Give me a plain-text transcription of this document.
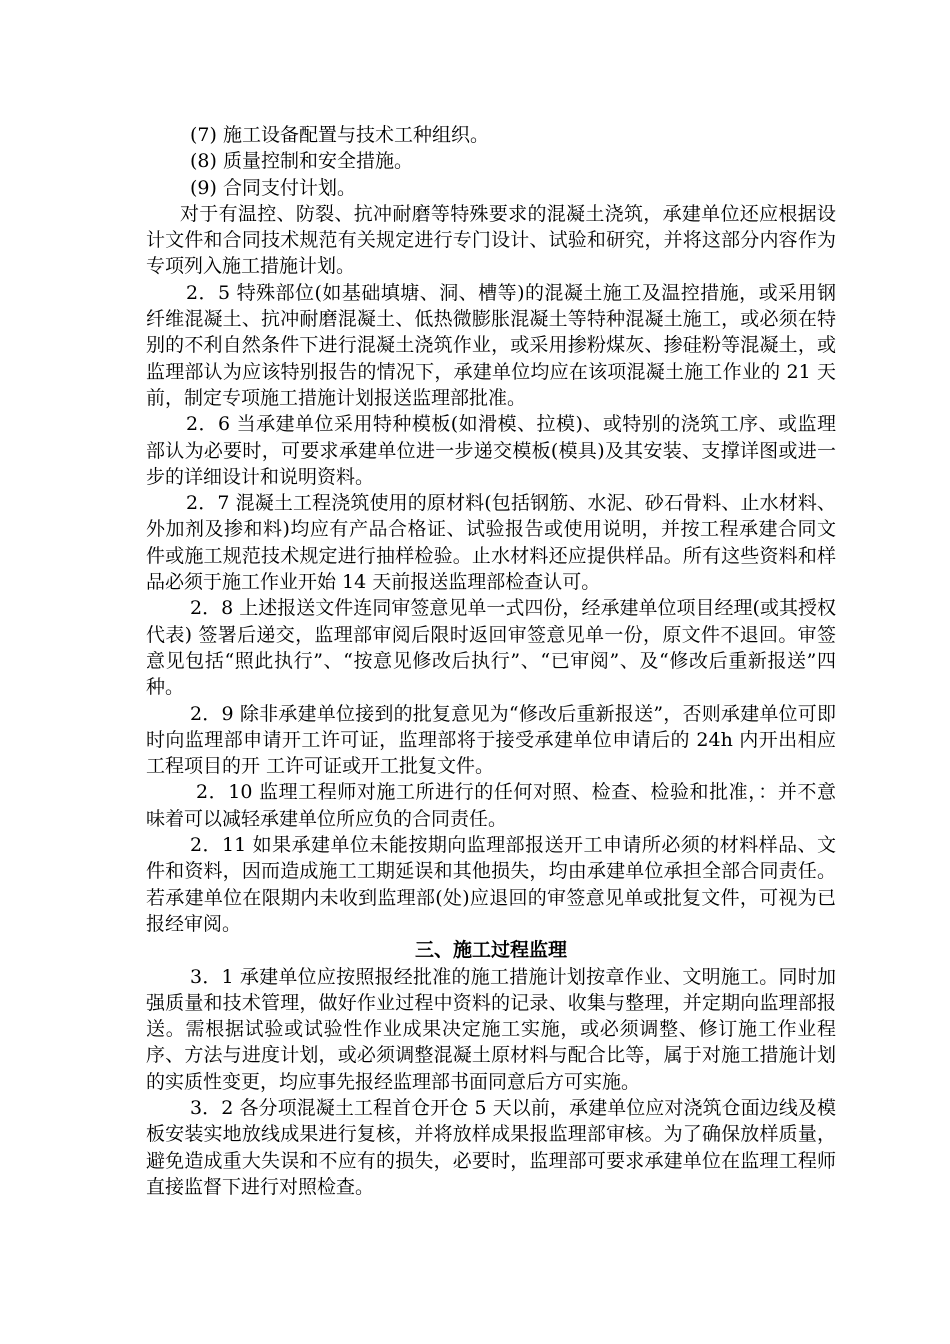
(7) 施工设备配置与技术工种组织。

(8) 质量控制和安全措施。

(9) 合同支付计划。

对于有温控、防裂、抗冲耐磨等特殊要求的混凝土浇筑，承建单位还应根据设计文件和合同技术规范有关规定进行专门设计、试验和研究，并将这部分内容作为专项列入施工措施计划。

2．5 特殊部位(如基础填塘、洞、槽等)的混凝土施工及温控措施，或采用钢纤维混凝土、抗冲耐磨混凝土、低热微膨胀混凝土等特种混凝土施工，或必须在特别的不利自然条件下进行混凝土浇筑作业，或采用掺粉煤灰、掺硅粉等混凝土，或监理部认为应该特别报告的情况下，承建单位均应在该项混凝土施工作业的 21 天前，制定专项施工措施计划报送监理部批准。

2．6 当承建单位采用特种模板(如滑模、拉模)、或特别的浇筑工序、或监理部认为必要时，可要求承建单位进一步递交模板(模具)及其安装、支撑详图或进一步的详细设计和说明资料。

2．7 混凝土工程浇筑使用的原材料(包括钢筋、水泥、砂石骨料、止水材料、外加剂及掺和料)均应有产品合格证、试验报告或使用说明，并按工程承建合同文件或施工规范技术规定进行抽样检验。止水材料还应提供样品。所有这些资料和样品必须于施工作业开始 14 天前报送监理部检查认可。

2．8 上述报送文件连同审签意见单一式四份，经承建单位项目经理(或其授权代表) 签署后递交，监理部审阅后限时返回审签意见单一份，原文件不退回。审签意见包括“照此执行”、“按意见修改后执行”、“已审阅”、及“修改后重新报送”四种。

2．9 除非承建单位接到的批复意见为“修改后重新报送”，否则承建单位可即时向监理部申请开工许可证，监理部将于接受承建单位申请后的 24h 内开出相应工程项目的开 工许可证或开工批复文件。

2．10 监理工程师对施工所进行的任何对照、检查、检验和批准，：并不意味着可以减轻承建单位所应负的合同责任。

2．11 如果承建单位未能按期向监理部报送开工申请所必须的材料样品、文件和资料，因而造成施工工期延误和其他损失，均由承建单位承担全部合同责任。 若承建单位在限期内未收到监理部(处)应退回的审签意见单或批复文件，可视为已报经审阅。

三、施工过程监理

3．1 承建单位应按照报经批准的施工措施计划按章作业、文明施工。同时加强质量和技术管理，做好作业过程中资料的记录、收集与整理，并定期向监理部报送。需根据试验或试验性作业成果决定施工实施，或必须调整、修订施工作业程序、方法与进度计划，或必须调整混凝土原材料与配合比等，属于对施工措施计划的实质性变更，均应事先报经监理部书面同意后方可实施。

3．2 各分项混凝土工程首仓开仓 5 天以前，承建单位应对浇筑仓面边线及模板安装实地放线成果进行复核，并将放样成果报监理部审核。为了确保放样质量，避免造成重大失误和不应有的损失，必要时，监理部可要求承建单位在监理工程师直接监督下进行对照检查。
